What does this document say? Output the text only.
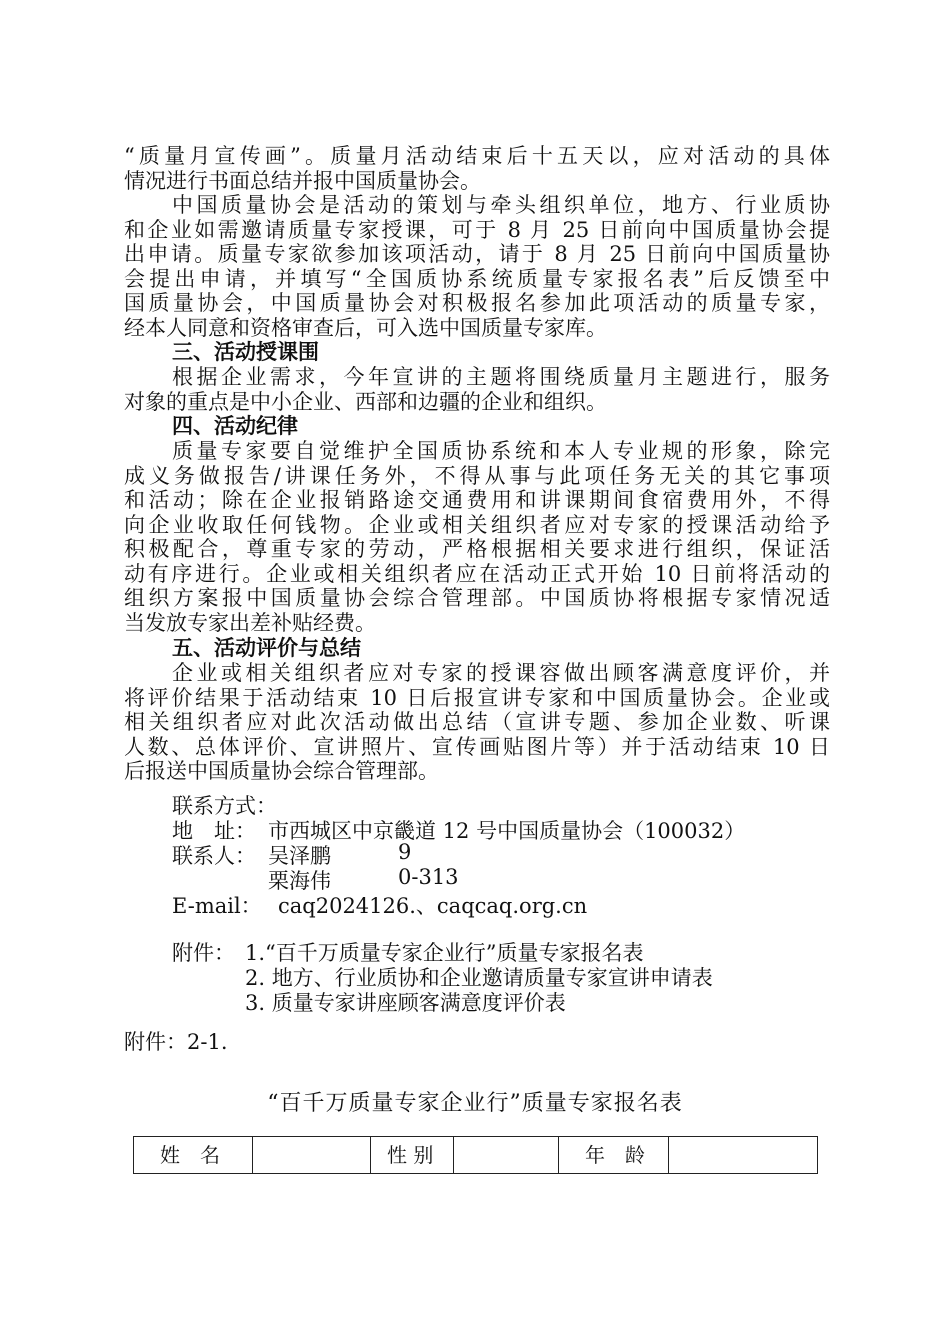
“质量月宣传画”。质量月活动结束后十五天以，应对活动的具体
情况进行书面总结并报中国质量协会。
中国质量协会是活动的策划与牵头组织单位，地方、行业质协
和企业如需邀请质量专家授课，可于 8 月 25 日前向中国质量协会提
出申请。质量专家欲参加该项活动，请于 8 月 25 日前向中国质量协
会提出申请，并填写“全国质协系统质量专家报名表”后反馈至中
国质量协会，中国质量协会对积极报名参加此项活动的质量专家，
经本人同意和资格审查后，可入选中国质量专家库。
三、活动授课围
根据企业需求，今年宣讲的主题将围绕质量月主题进行，服务
对象的重点是中小企业、西部和边疆的企业和组织。
四、活动纪律
质量专家要自觉维护全国质协系统和本人专业规的形象，除完
成义务做报告/讲课任务外，不得从事与此项任务无关的其它事项
和活动；除在企业报销路途交通费用和讲课期间食宿费用外，不得
向企业收取任何钱物。企业或相关组织者应对专家的授课活动给予
积极配合，尊重专家的劳动，严格根据相关要求进行组织，保证活
动有序进行。企业或相关组织者应在活动正式开始 10 日前将活动的
组织方案报中国质量协会综合管理部。中国质协将根据专家情况适
当发放专家出差补贴经费。
五、活动评价与总结
企业或相关组织者应对专家的授课容做出顾客满意度评价，并
将评价结果于活动结束 10 日后报宣讲专家和中国质量协会。企业或
相关组织者应对此次活动做出总结（宣讲专题、参加企业数、听课
人数、总体评价、宣讲照片、宣传画贴图片等）并于活动结束 10 日
后报送中国质量协会综合管理部。
联系方式：
地　址： 市西城区中京畿道 12 号中国质量协会（100032）
联系人： 吴泽鹏	9
栗海伟	0-313
E-mail： caq2024126.、caqcaq.org.cn
附件： 1.“百千万质量专家企业行”质量专家报名表
2. 地方、行业质协和企业邀请质量专家宣讲申请表
3. 质量专家讲座顾客满意度评价表
附件：2-1.
“百千万质量专家企业行”质量专家报名表
姓　名		性 别		年　龄
